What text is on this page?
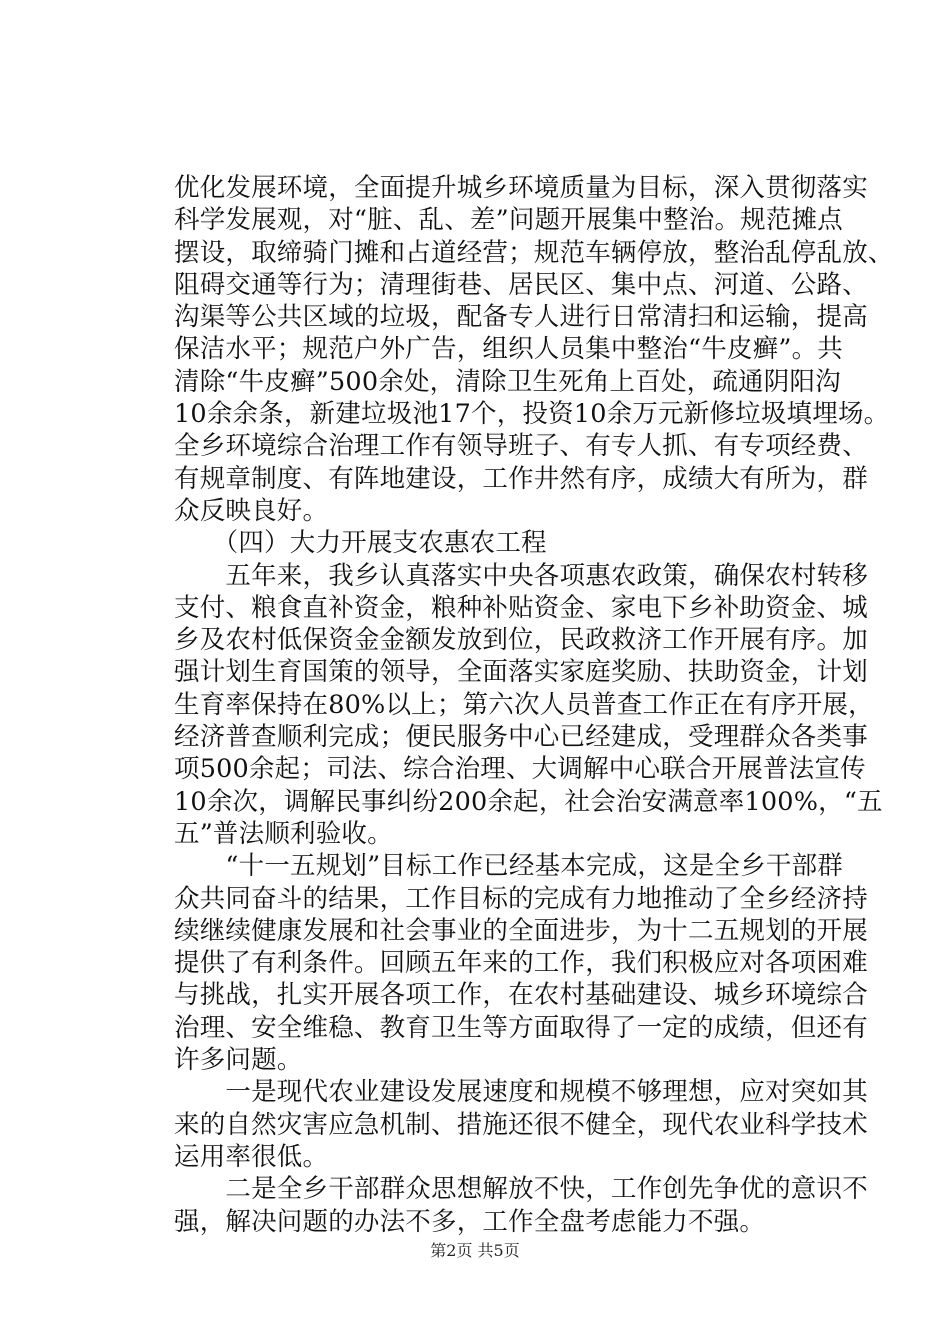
优化发展环境，全面提升城乡环境质量为目标，深入贯彻落实
科学发展观，对“脏、乱、差”问题开展集中整治。规范摊点
摆设，取缔骑门摊和占道经营；规范车辆停放，整治乱停乱放、
阻碍交通等行为；清理街巷、居民区、集中点、河道、公路、
沟渠等公共区域的垃圾，配备专人进行日常清扫和运输，提高
保洁水平；规范户外广告，组织人员集中整治“牛皮癣”。共
清除“牛皮癣”500余处，清除卫生死角上百处，疏通阴阳沟
10余余条，新建垃圾池17个，投资10余万元新修垃圾填埋场。
全乡环境综合治理工作有领导班子、有专人抓、有专项经费、
有规章制度、有阵地建设，工作井然有序，成绩大有所为，群
众反映良好。
　　（四）大力开展支农惠农工程
　　五年来，我乡认真落实中央各项惠农政策，确保农村转移
支付、粮食直补资金，粮种补贴资金、家电下乡补助资金、城
乡及农村低保资金金额发放到位，民政救济工作开展有序。加
强计划生育国策的领导，全面落实家庭奖励、扶助资金，计划
生育率保持在80%以上；第六次人员普查工作正在有序开展，
经济普查顺利完成；便民服务中心已经建成，受理群众各类事
项500余起；司法、综合治理、大调解中心联合开展普法宣传
10余次，调解民事纠纷200余起，社会治安满意率100%，“五
五”普法顺利验收。
　　“十一五规划”目标工作已经基本完成，这是全乡干部群
众共同奋斗的结果，工作目标的完成有力地推动了全乡经济持
续继续健康发展和社会事业的全面进步，为十二五规划的开展
提供了有利条件。回顾五年来的工作，我们积极应对各项困难
与挑战，扎实开展各项工作，在农村基础建设、城乡环境综合
治理、安全维稳、教育卫生等方面取得了一定的成绩，但还有
许多问题。
　　一是现代农业建设发展速度和规模不够理想，应对突如其
来的自然灾害应急机制、措施还很不健全，现代农业科学技术
运用率很低。
　　二是全乡干部群众思想解放不快，工作创先争优的意识不
强，解决问题的办法不多，工作全盘考虑能力不强。
第2页 共5页
